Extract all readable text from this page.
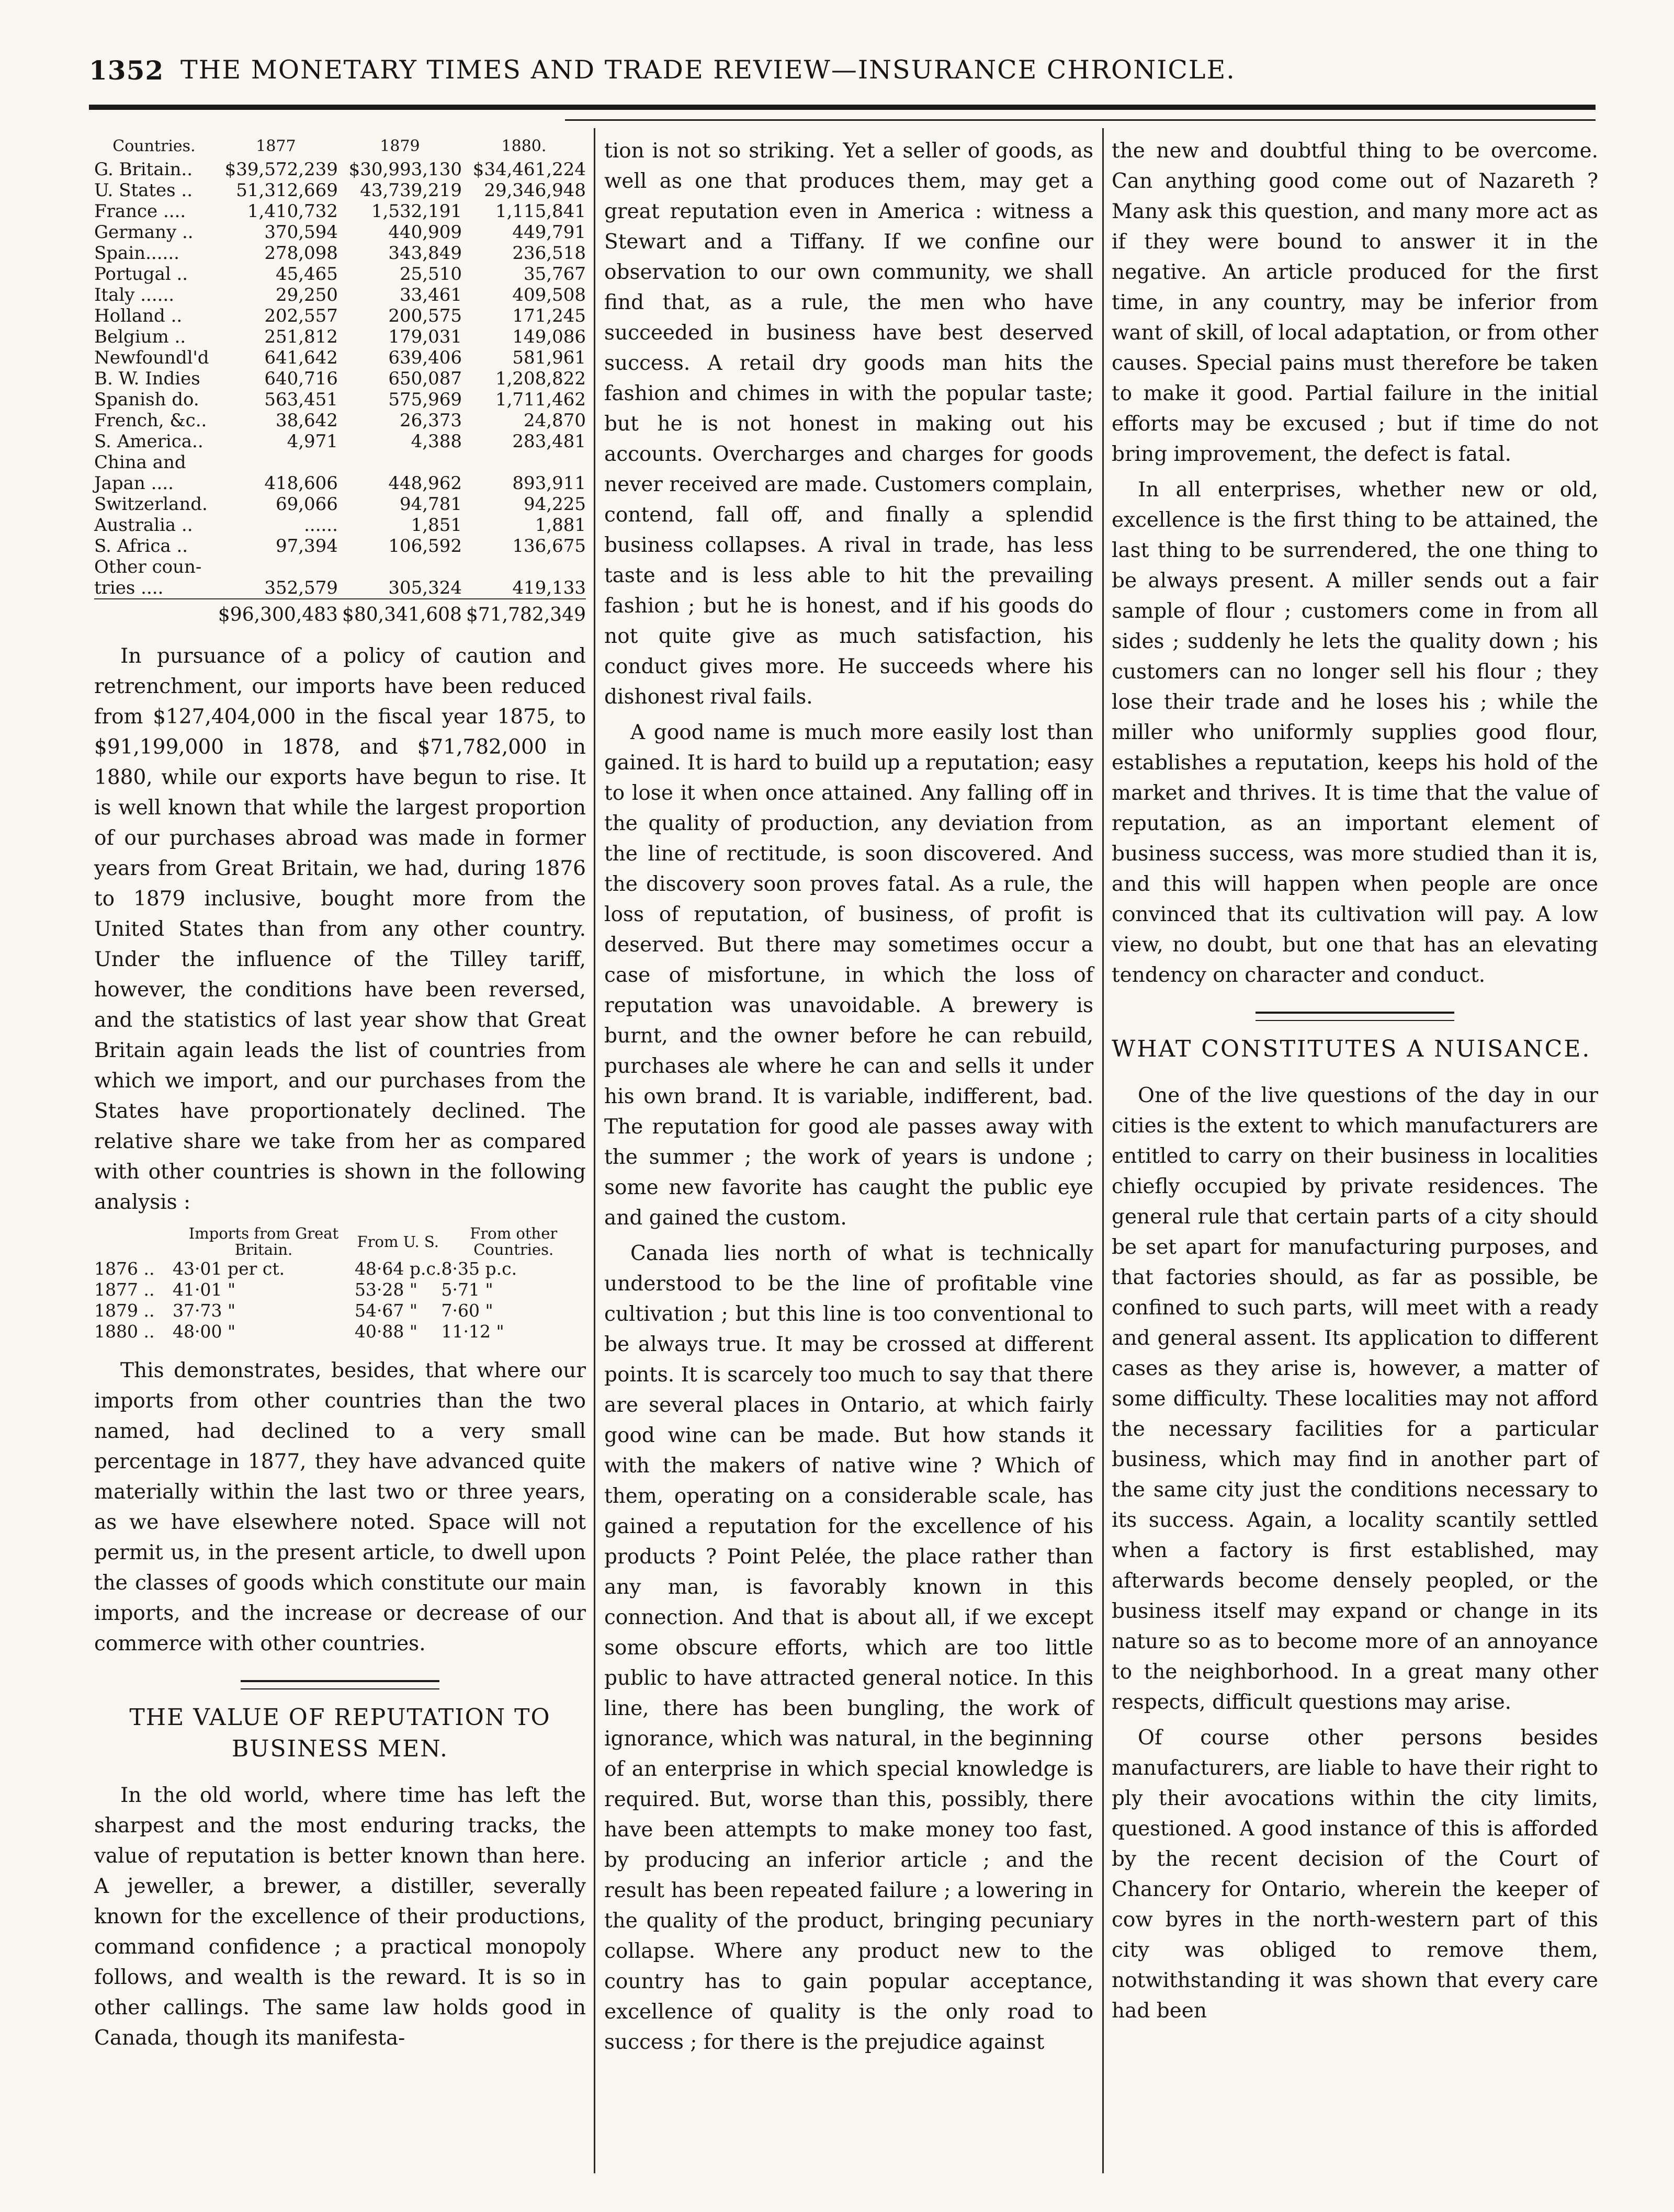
1352 THE MONETARY TIMES AND TRADE REVIEW—INSURANCE CHRONICLE.
Countries.	1877	1879	1880.
G. Britain..	$39,572,239	$30,993,130	$34,461,224
U. States ..	51,312,669	43,739,219	29,346,948
France ....	1,410,732	1,532,191	1,115,841
Germany ..	370,594	440,909	449,791
Spain......	278,098	343,849	236,518
Portugal ..	45,465	25,510	35,767
Italy ......	29,250	33,461	409,508
Holland ..	202,557	200,575	171,245
Belgium ..	251,812	179,031	149,086
Newfoundl'd	641,642	639,406	581,961
B. W. Indies	640,716	650,087	1,208,822
Spanish do.	563,451	575,969	1,711,462
French, &c..	38,642	26,373	24,870
S. America..	4,971	4,388	283,481
China and			
Japan ....	418,606	448,962	893,911
Switzerland.	69,066	94,781	94,225
Australia ..	......	1,851	1,881
S. Africa ..	97,394	106,592	136,675
Other coun-			
tries ....	352,579	305,324	419,133
	$96,300,483	$80,341,608	$71,782,349

In pursuance of a policy of caution and retrenchment, our imports have been reduced from $127,404,000 in the fiscal year 1875, to $91,199,000 in 1878, and $71,782,000 in 1880, while our exports have begun to rise. It is well known that while the largest proportion of our purchases abroad was made in former years from Great Britain, we had, during 1876 to 1879 inclusive, bought more from the United States than from any other country. Under the influence of the Tilley tariff, however, the conditions have been reversed, and the statistics of last year show that Great Britain again leads the list of countries from which we import, and our purchases from the States have proportionately declined. The relative share we take from her as compared with other countries is shown in the following analysis :

	Imports from Great Britain.	From U. S.	From other Countries.
1876 ..	43·01 per ct.	48·64 p.c.	8·35 p.c.
1877 ..	41·01 "	53·28 "	5·71 "
1879 ..	37·73 "	54·67 "	7·60 "
1880 ..	48·00 "	40·88 "	11·12 "

This demonstrates, besides, that where our imports from other countries than the two named, had declined to a very small percentage in 1877, they have advanced quite materially within the last two or three years, as we have elsewhere noted. Space will not permit us, in the present article, to dwell upon the classes of goods which constitute our main imports, and the increase or decrease of our commerce with other countries.

THE VALUE OF REPUTATION TO BUSINESS MEN.

In the old world, where time has left the sharpest and the most enduring tracks, the value of reputation is better known than here. A jeweller, a brewer, a distiller, severally known for the excellence of their productions, command confidence ; a practical monopoly follows, and wealth is the reward. It is so in other callings. The same law holds good in Canada, though its manifesta-

tion is not so striking. Yet a seller of goods, as well as one that produces them, may get a great reputation even in America : witness a Stewart and a Tiffany. If we confine our observation to our own community, we shall find that, as a rule, the men who have succeeded in business have best deserved success. A retail dry goods man hits the fashion and chimes in with the popular taste; but he is not honest in making out his accounts. Overcharges and charges for goods never received are made. Customers complain, contend, fall off, and finally a splendid business collapses. A rival in trade, has less taste and is less able to hit the prevailing fashion ; but he is honest, and if his goods do not quite give as much satisfaction, his conduct gives more. He succeeds where his dishonest rival fails.

A good name is much more easily lost than gained. It is hard to build up a reputation; easy to lose it when once attained. Any falling off in the quality of production, any deviation from the line of rectitude, is soon discovered. And the discovery soon proves fatal. As a rule, the loss of reputation, of business, of profit is deserved. But there may sometimes occur a case of misfortune, in which the loss of reputation was unavoidable. A brewery is burnt, and the owner before he can rebuild, purchases ale where he can and sells it under his own brand. It is variable, indifferent, bad. The reputation for good ale passes away with the summer ; the work of years is undone ; some new favorite has caught the public eye and gained the custom.

Canada lies north of what is technically understood to be the line of profitable vine cultivation ; but this line is too conventional to be always true. It may be crossed at different points. It is scarcely too much to say that there are several places in Ontario, at which fairly good wine can be made. But how stands it with the makers of native wine ? Which of them, operating on a considerable scale, has gained a reputation for the excellence of his products ? Point Pelée, the place rather than any man, is favorably known in this connection. And that is about all, if we except some obscure efforts, which are too little public to have attracted general notice. In this line, there has been bungling, the work of ignorance, which was natural, in the beginning of an enterprise in which special knowledge is required. But, worse than this, possibly, there have been attempts to make money too fast, by producing an inferior article ; and the result has been repeated failure ; a lowering in the quality of the product, bringing pecuniary collapse. Where any product new to the country has to gain popular acceptance, excellence of quality is the only road to success ; for there is the prejudice against

the new and doubtful thing to be overcome. Can anything good come out of Nazareth ? Many ask this question, and many more act as if they were bound to answer it in the negative. An article produced for the first time, in any country, may be inferior from want of skill, of local adaptation, or from other causes. Special pains must therefore be taken to make it good. Partial failure in the initial efforts may be excused ; but if time do not bring improvement, the defect is fatal.

In all enterprises, whether new or old, excellence is the first thing to be attained, the last thing to be surrendered, the one thing to be always present. A miller sends out a fair sample of flour ; customers come in from all sides ; suddenly he lets the quality down ; his customers can no longer sell his flour ; they lose their trade and he loses his ; while the miller who uniformly supplies good flour, establishes a reputation, keeps his hold of the market and thrives. It is time that the value of reputation, as an important element of business success, was more studied than it is, and this will happen when people are once convinced that its cultivation will pay. A low view, no doubt, but one that has an elevating tendency on character and conduct.

WHAT CONSTITUTES A NUISANCE.

One of the live questions of the day in our cities is the extent to which manufacturers are entitled to carry on their business in localities chiefly occupied by private residences. The general rule that certain parts of a city should be set apart for manufacturing purposes, and that factories should, as far as possible, be confined to such parts, will meet with a ready and general assent. Its application to different cases as they arise is, however, a matter of some difficulty. These localities may not afford the necessary facilities for a particular business, which may find in another part of the same city just the conditions necessary to its success. Again, a locality scantily settled when a factory is first established, may afterwards become densely peopled, or the business itself may expand or change in its nature so as to become more of an annoyance to the neighborhood. In a great many other respects, difficult questions may arise.

Of course other persons besides manufacturers, are liable to have their right to ply their avocations within the city limits, questioned. A good instance of this is afforded by the recent decision of the Court of Chancery for Ontario, wherein the keeper of cow byres in the north-western part of this city was obliged to remove them, notwithstanding it was shown that every care had been
